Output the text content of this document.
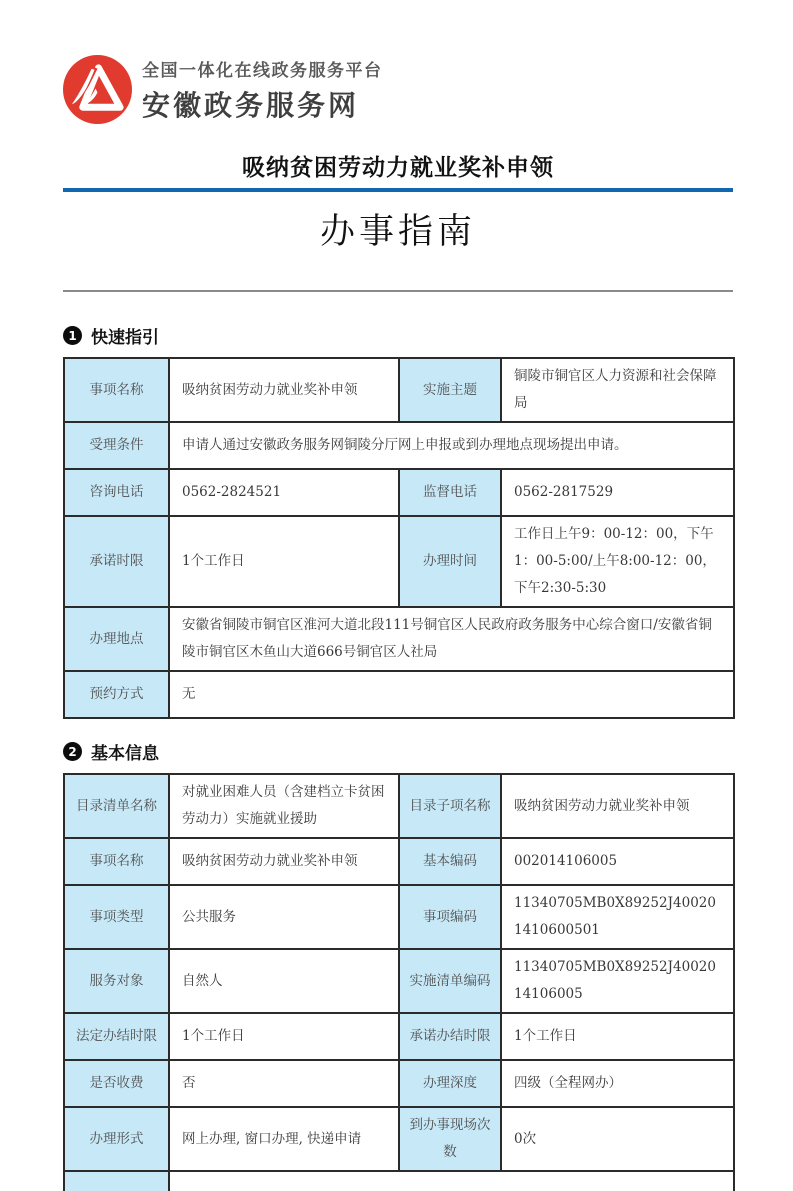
全国一体化在线政务服务平台
安徽政务服务网
吸纳贫困劳动力就业奖补申领
办事指南
1 快速指引
事项名称	吸纳贫困劳动力就业奖补申领	实施主题	铜陵市铜官区人力资源和社会保障局
受理条件	申请人通过安徽政务服务网铜陵分厅网上申报或到办理地点现场提出申请。		
咨询电话	0562-2824521	监督电话	0562-2817529
承诺时限	1个工作日	办理时间	工作日上午9：00-12：00，下午1：00-5:00/上午8:00-12：00，下午2:30-5:30
办理地点	安徽省铜陵市铜官区淮河大道北段111号铜官区人民政府政务服务中心综合窗口/安徽省铜陵市铜官区木鱼山大道666号铜官区人社局		
预约方式	无		
2 基本信息
目录清单名称	对就业困难人员（含建档立卡贫困劳动力）实施就业援助	目录子项名称	吸纳贫困劳动力就业奖补申领
事项名称	吸纳贫困劳动力就业奖补申领	基本编码	002014106005
事项类型	公共服务	事项编码	11340705MB0X89252J400201410600501
服务对象	自然人	实施清单编码	11340705MB0X89252J4002014106005
法定办结时限	1个工作日	承诺办结时限	1个工作日
是否收费	否	办理深度	四级（全程网办）
办理形式	网上办理, 窗口办理, 快递申请	到办事现场次数	0次
